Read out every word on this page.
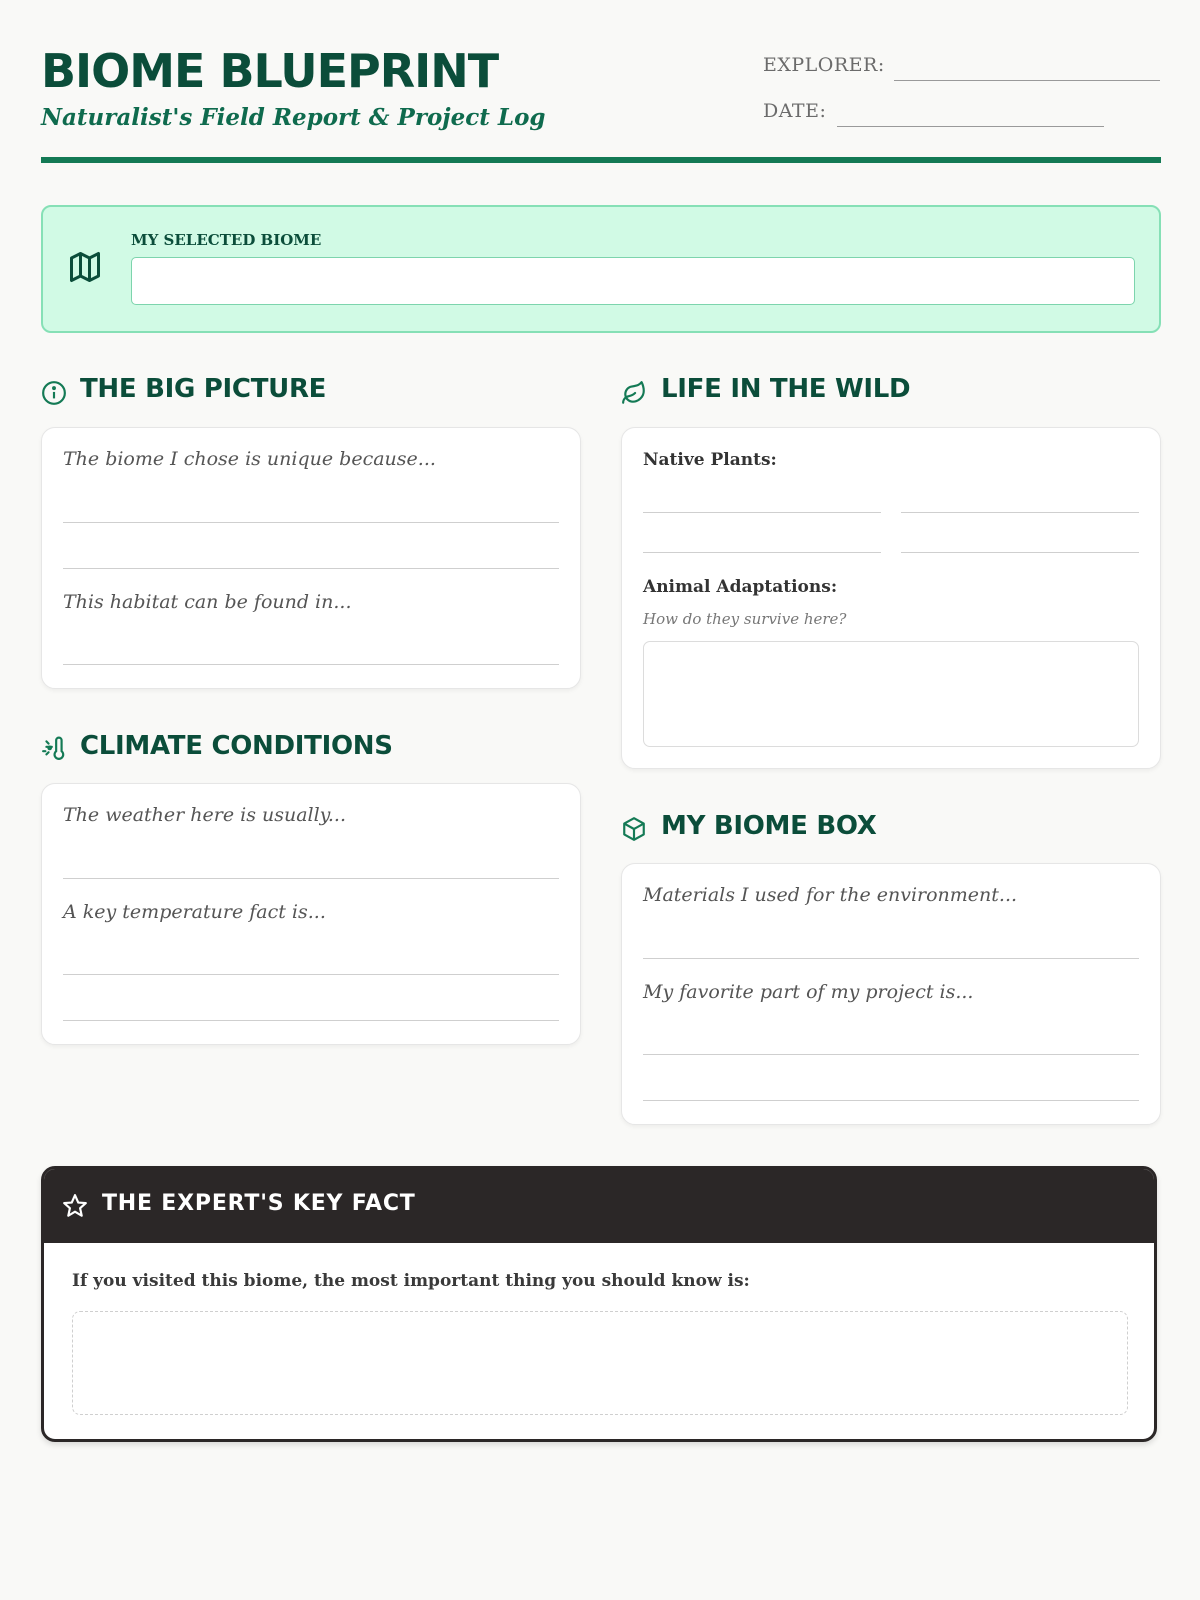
BIOME BLUEPRINT
Naturalist's Field Report & Project Log
EXPLORER:
DATE:
MY SELECTED BIOME
THE BIG PICTURE
The biome I chose is unique because...
This habitat can be found in...
CLIMATE CONDITIONS
The weather here is usually...
A key temperature fact is...
LIFE IN THE WILD
Native Plants:
Animal Adaptations:
How do they survive here?
MY BIOME BOX
Materials I used for the environment...
My favorite part of my project is...
THE EXPERT'S KEY FACT
If you visited this biome, the most important thing you should know is:
